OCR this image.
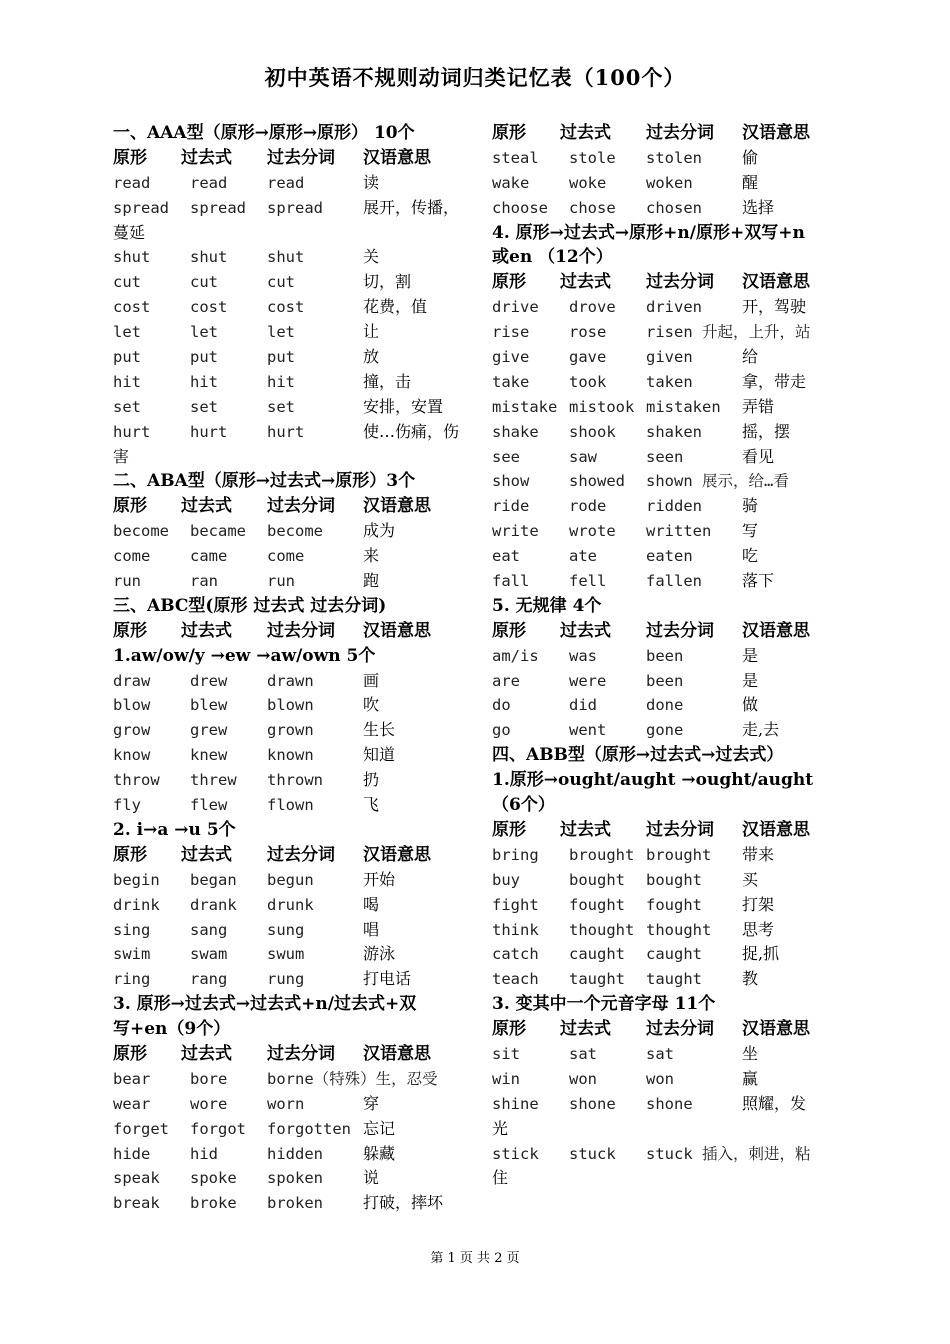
初中英语不规则动词归类记忆表（100个）
一、AAA型（原形→原形→原形） 10个
原形 过去式 过去分词 汉语意思
read	read	read	读
spread spread spread	展开，传播，
蔓延
shut	shut	shut	关
cut	cut	cut	切，割
cost	cost	cost	花费，值
let	let	let	让
put	put	put	放
hit	hit	hit	撞，击
set	set	set	安排，安置
hurt	hurt	hurt	使…伤痛，伤
害
二、ABA型（原形→过去式→原形）3个
原形 过去式 过去分词 汉语意思
become became become	成为
come	came	come	来
run	ran	run	跑
三、ABC型(原形 过去式 过去分词)
原形 过去式 过去分词 汉语意思
1.aw/ow/y →ew →aw/own 5个
draw	drew	drawn	画
blow	blew	blown	吹
grow	grew	grown	生长
know	knew	known	知道
throw threw thrown	扔
fly	flew	flown	飞
2. i→a →u 5个
原形 过去式 过去分词 汉语意思
begin began begun	开始
drink drank drunk	喝
sing	sang	sung	唱
swim	swam	swum	游泳
ring	rang	rung	打电话
3. 原形→过去式→过去式+n/过去式+双
写+en（9个）
原形 过去式 过去分词 汉语意思
bear	bore	borne（特殊）生，忍受
wear	wore	worn	穿
forget forgot forgotten 忘记
hide	hid	hidden	躲藏
speak spoke spoken	说
break broke broken	打破，摔坏
原形 过去式 过去分词 汉语意思
steal stole stolen	偷
wake	woke	woken	醒
choose chose chosen	选择
4. 原形→过去式→原形+n/原形+双写+n
或en （12个）
原形 过去式 过去分词 汉语意思
drive drove driven	开，驾驶
rise	rose	risen 升起，上升，站
give	gave	given	给
take	took	taken	拿，带走
mistake mistook mistaken 弄错
shake shook shaken	摇，摆
see	saw	seen	看见
show	showed shown 展示，给…看
ride	rode	ridden	骑
write wrote written 写
eat	ate	eaten	吃
fall	fell	fallen	落下
5. 无规律 4个
原形 过去式 过去分词 汉语意思
am/is was	been	是
are	were	been	是
do	did	done	做
go	went	gone	走,去
四、ABB型（原形→过去式→过去式）
1.原形→ought/aught →ought/aught
（6个）
原形 过去式 过去分词 汉语意思
bring brought brought 带来
buy	bought bought	买
fight fought fought	打架
think thought thought 思考
catch caught caught	捉,抓
teach taught taught	教
3. 变其中一个元音字母 11个
原形 过去式 过去分词 汉语意思
sit	sat	sat	坐
win	won	won	赢
shine shone shone	照耀，发
光
stick stuck stuck 插入，刺进，粘
住
第 1 页 共 2 页
